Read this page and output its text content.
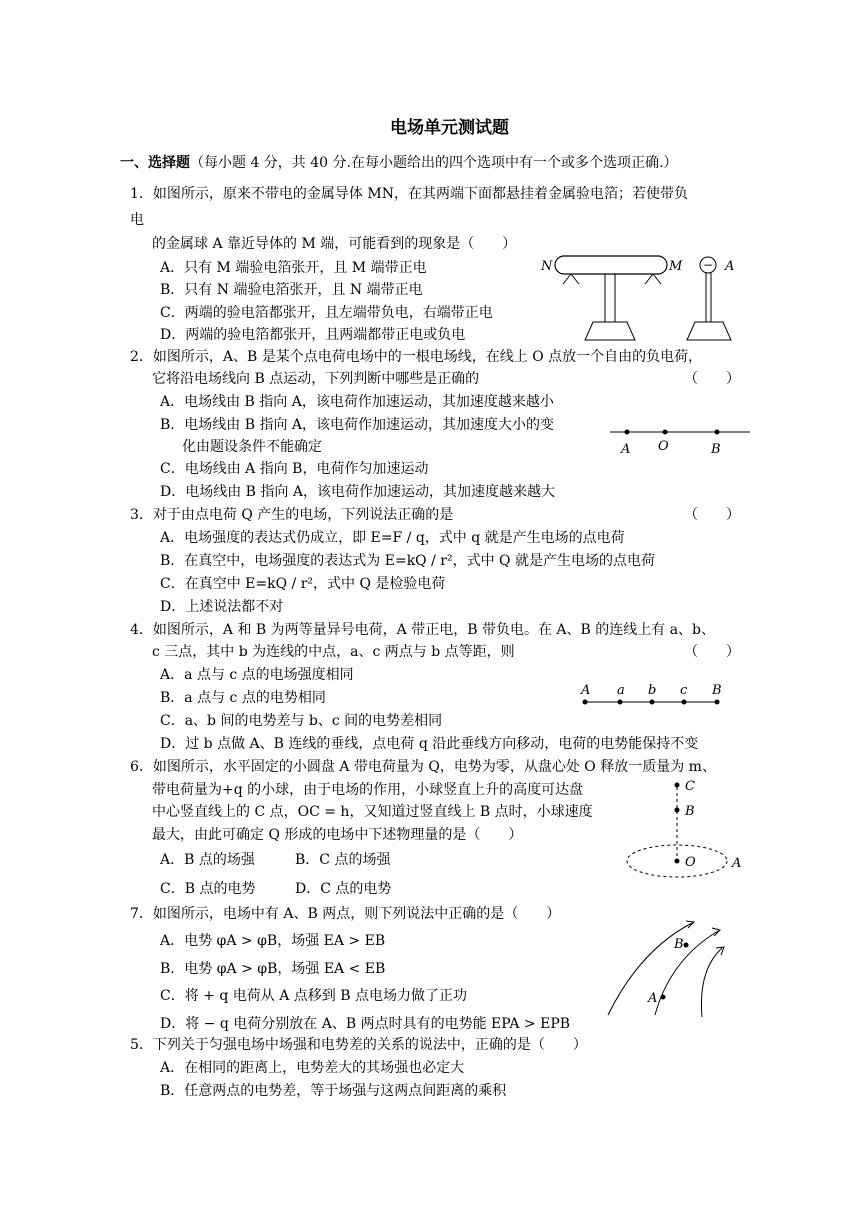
电场单元测试题
一、选择题（每小题 4 分，共 40 分.在每小题给出的四个选项中有一个或多个选项正确.）
1．如图所示，原来不带电的金属导体 MN，在其两端下面都悬挂着金属验电箔；若使带负
电
的金属球 A 靠近导体的 M 端，可能看到的现象是（　　）
A．只有 M 端验电箔张开，且 M 端带正电
B．只有 N 端验电箔张开，且 N 端带正电
C．两端的验电箔都张开，且左端带负电，右端带正电
D．两端的验电箔都张开，且两端都带正电或负电
N	M − A
2．如图所示，A、B 是某个点电荷电场中的一根电场线，在线上 O 点放一个自由的负电荷，
它将沿电场线向 B 点运动，下列判断中哪些是正确的	（　　）
A．电场线由 B 指向 A，该电荷作加速运动，其加速度越来越小
B．电场线由 B 指向 A，该电荷作加速运动，其加速度大小的变
化由题设条件不能确定
C．电场线由 A 指向 B，电荷作匀加速运动
D．电场线由 B 指向 A，该电荷作加速运动，其加速度越来越大
A O	B
3．对于由点电荷 Q 产生的电场，下列说法正确的是	（　　）
A．电场强度的表达式仍成立，即 E=F / q，式中 q 就是产生电场的点电荷
B．在真空中，电场强度的表达式为 E=kQ / r²，式中 Q 就是产生电场的点电荷
C．在真空中 E=kQ / r²，式中 Q 是检验电荷
D．上述说法都不对
4．如图所示，A 和 B 为两等量异号电荷，A 带正电，B 带负电。在 A、B 的连线上有 a、b、
c 三点，其中 b 为连线的中点，a、c 两点与 b 点等距，则	（　　）
A．a 点与 c 点的电场强度相同
B．a 点与 c 点的电势相同
C．a、b 间的电势差与 b、c 间的电势差相同
D．过 b 点做 A、B 连线的垂线，点电荷 q 沿此垂线方向移动，电荷的电势能保持不变
A a b c B
6．如图所示，水平固定的小圆盘 A 带电荷量为 Q，电势为零，从盘心处 O 释放一质量为 m、
带电荷量为+q 的小球，由于电场的作用，小球竖直上升的高度可达盘
中心竖直线上的 C 点，OC = h，又知道过竖直线上 B 点时，小球速度
最大，由此可确定 Q 形成的电场中下述物理量的是（　　）
A．B 点的场强	B．C 点的场强
C．B 点的电势	D．C 点的电势
C
B
O	A
7．如图所示，电场中有 A、B 两点，则下列说法中正确的是（　　）
A．电势 φA > φB，场强 EA > EB
B．电势 φA > φB，场强 EA < EB
C．将 + q 电荷从 A 点移到 B 点电场力做了正功
D．将 − q 电荷分别放在 A、B 两点时具有的电势能 EPA > EPB
B
A
5．下列关于匀强电场中场强和电势差的关系的说法中，正确的是（　　）
A．在相同的距离上，电势差大的其场强也必定大
B．任意两点的电势差，等于场强与这两点间距离的乘积
